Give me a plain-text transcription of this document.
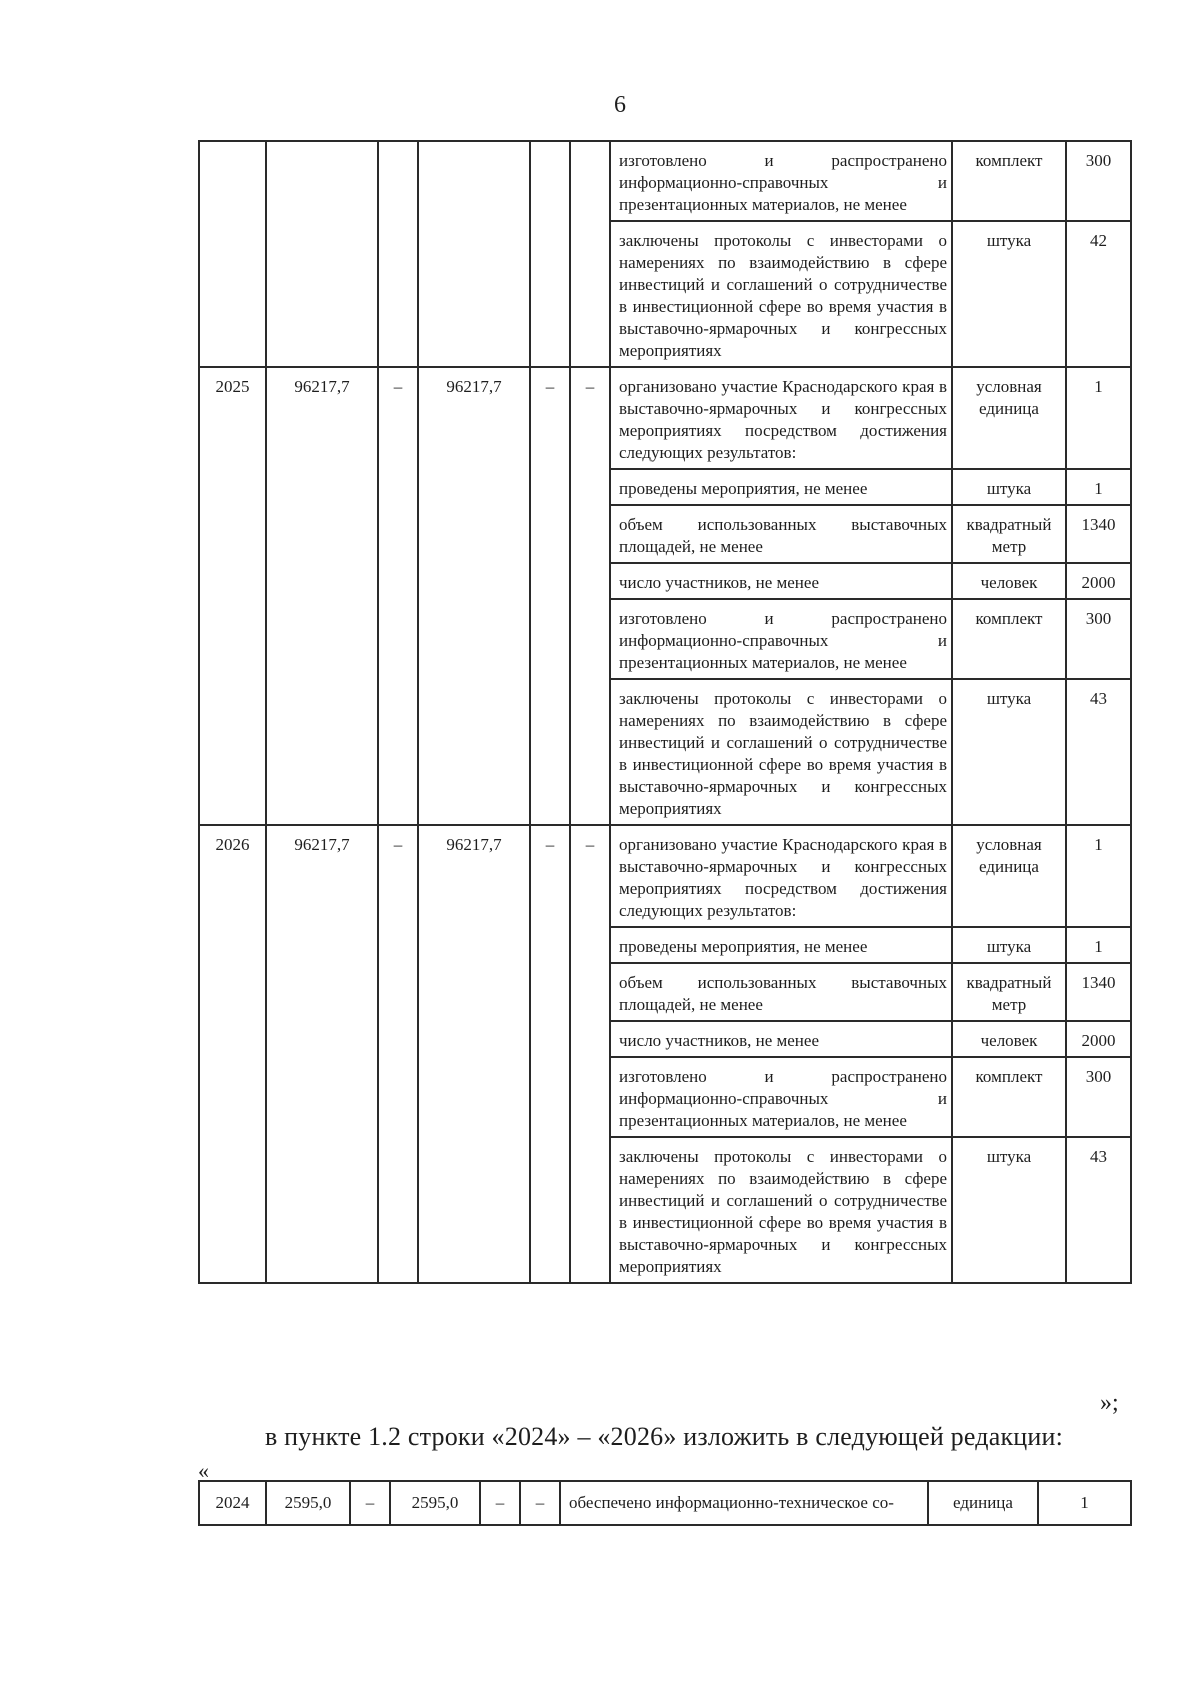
6
						изготовлено и распространено информационно-справочных и презентационных материалов, не менее	комплект	300
						заключены протоколы с инвесторами о намерениях по взаимодействию в сфере инвестиций и соглашений о сотрудничестве в инвестиционной сфере во время участия в выставочно-ярмарочных и конгрессных мероприятиях	штука	42
2025	96217,7	–	96217,7	–	–	организовано участие Краснодарского края в выставочно-ярмарочных и конгрессных мероприятиях посредством достижения следующих результатов:	условная единица	1
						проведены мероприятия, не менее	штука	1
						объем использованных выставочных площадей, не менее	квадратный метр	1340
						число участников, не менее	человек	2000
						изготовлено и распространено информационно-справочных и презентационных материалов, не менее	комплект	300
						заключены протоколы с инвесторами о намерениях по взаимодействию в сфере инвестиций и соглашений о сотрудничестве в инвестиционной сфере во время участия в выставочно-ярмарочных и конгрессных мероприятиях	штука	43
2026	96217,7	–	96217,7	–	–	организовано участие Краснодарского края в выставочно-ярмарочных и конгрессных мероприятиях посредством достижения следующих результатов:	условная единица	1
						проведены мероприятия, не менее	штука	1
						объем использованных выставочных площадей, не менее	квадратный метр	1340
						число участников, не менее	человек	2000
						изготовлено и распространено информационно-справочных и презентационных материалов, не менее	комплект	300
						заключены протоколы с инвесторами о намерениях по взаимодействию в сфере инвестиций и соглашений о сотрудничестве в инвестиционной сфере во время участия в выставочно-ярмарочных и конгрессных мероприятиях	штука	43
»;
в пункте 1.2 строки «2024» – «2026» изложить в следующей редакции:
«
2024	2595,0	–	2595,0	–	–	обеспечено информационно-техническое со-	единица	1
